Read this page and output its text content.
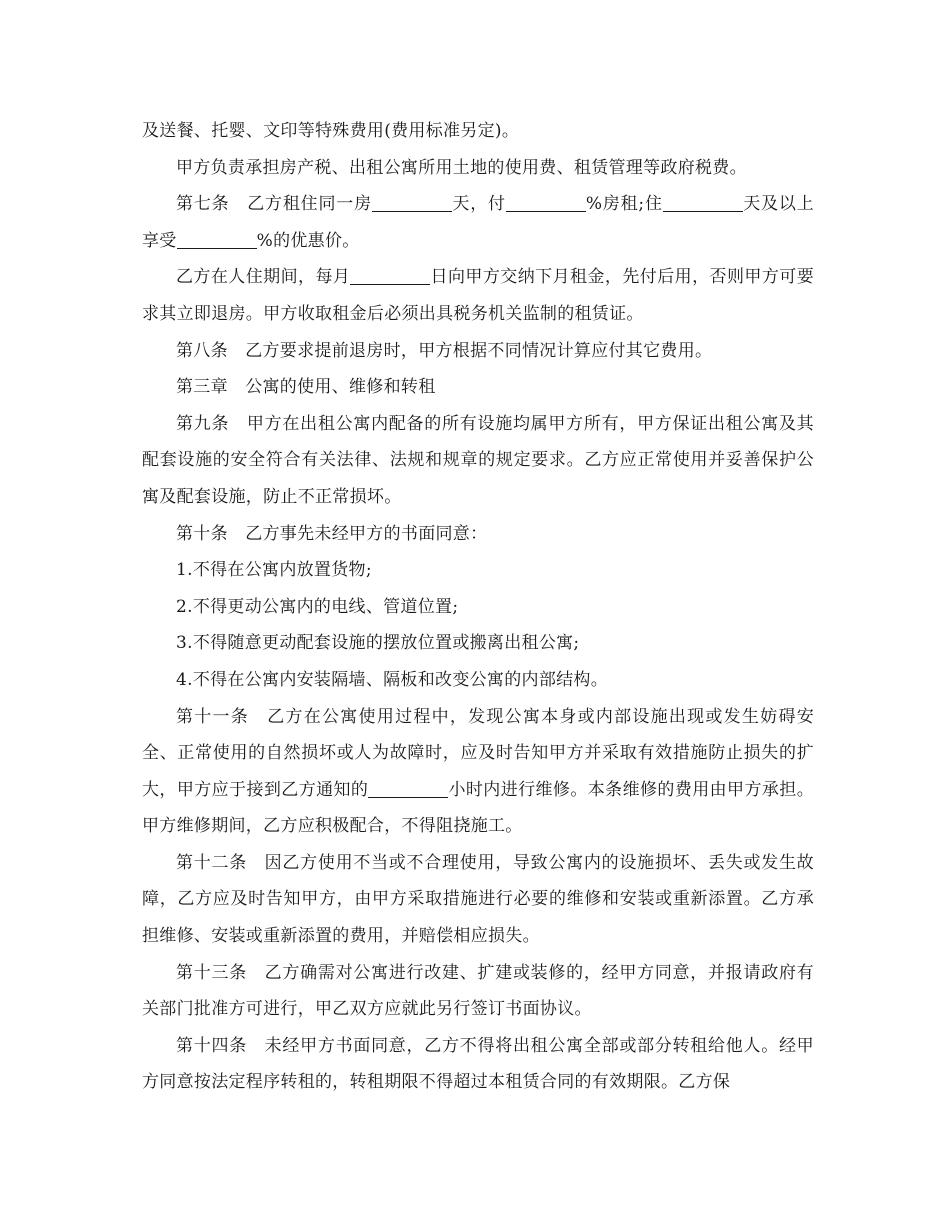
及送餐、托婴、文印等特殊费用(费用标准另定)。

甲方负责承担房产税、出租公寓所用土地的使用费、租赁管理等政府税费。

第七条　乙方租住同一房	天，付	%房租;住	天及以上享受	%的优惠价。

乙方在人住期间，每月	日向甲方交纳下月租金，先付后用，否则甲方可要求其立即退房。甲方收取租金后必须出具税务机关监制的租赁证。

第八条　乙方要求提前退房时，甲方根据不同情况计算应付其它费用。

第三章　公寓的使用、维修和转租

第九条　甲方在出租公寓内配备的所有设施均属甲方所有，甲方保证出租公寓及其配套设施的安全符合有关法律、法规和规章的规定要求。乙方应正常使用并妥善保护公寓及配套设施，防止不正常损坏。

第十条　乙方事先未经甲方的书面同意：

1.不得在公寓内放置货物;

2.不得更动公寓内的电线、管道位置;

3.不得随意更动配套设施的摆放位置或搬离出租公寓;

4.不得在公寓内安装隔墙、隔板和改变公寓的内部结构。

第十一条　乙方在公寓使用过程中，发现公寓本身或内部设施出现或发生妨碍安全、正常使用的自然损坏或人为故障时，应及时告知甲方并采取有效措施防止损失的扩大，甲方应于接到乙方通知的	小时内进行维修。本条维修的费用由甲方承担。甲方维修期间，乙方应积极配合，不得阻挠施工。

第十二条　因乙方使用不当或不合理使用，导致公寓内的设施损坏、丢失或发生故障，乙方应及时告知甲方，由甲方采取措施进行必要的维修和安装或重新添置。乙方承担维修、安装或重新添置的费用，并赔偿相应损失。

第十三条　乙方确需对公寓进行改建、扩建或装修的，经甲方同意，并报请政府有关部门批准方可进行，甲乙双方应就此另行签订书面协议。

第十四条　未经甲方书面同意，乙方不得将出租公寓全部或部分转租给他人。经甲方同意按法定程序转租的，转租期限不得超过本租赁合同的有效期限。乙方保
